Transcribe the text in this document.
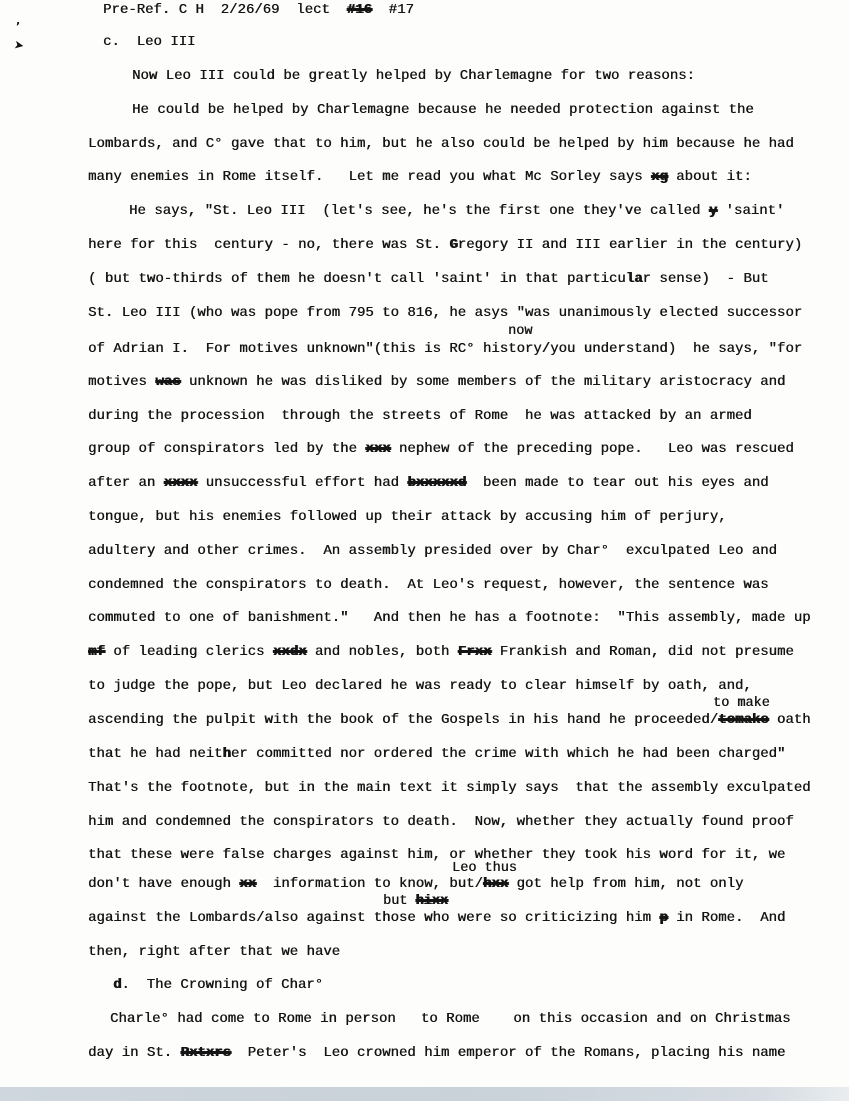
’
➤
Pre-Ref. C H  2/26/69  lect  #16  #17
c.  Leo III
Now Leo III could be greatly helped by Charlemagne for two reasons:
He could be helped by Charlemagne because he needed protection against the
Lombards, and C° gave that to him, but he also could be helped by him because he had
many enemies in Rome itself.   Let me read you what Mc Sorley says xg about it:
He says, "St. Leo III  (let's see, he's the first one they've called y 'saint'
here for this  century - no, there was St. Gregory II and III earlier in the century)
( but two-thirds of them he doesn't call 'saint' in that particular sense)  - But
St. Leo III (who was pope from 795 to 816, he asys "was unanimously elected successor
now
of Adrian I.  For motives unknown"(this is RC° history/you understand)  he says, "for
motives was unknown he was disliked by some members of the military aristocracy and
during the procession  through the streets of Rome  he was attacked by an armed
group of conspirators led by the xxx nephew of the preceding pope.   Leo was rescued
after an xxxx unsuccessful effort had bxxxxxd  been made to tear out his eyes and
tongue, but his enemies followed up their attack by accusing him of perjury,
adultery and other crimes.  An assembly presided over by Char°  exculpated Leo and
condemned the conspirators to death.  At Leo's request, however, the sentence was
commuted to one of banishment."   And then he has a footnote:  "This assembly, made up
mf of leading clerics xxdx and nobles, both Frxx Frankish and Roman, did not presume
to judge the pope, but Leo declared he was ready to clear himself by oath, and,
to make
ascending the pulpit with the book of the Gospels in his hand he proceeded/tomake oath
that he had neither committed nor ordered the crime with which he had been charged"
That's the footnote, but in the main text it simply says  that the assembly exculpated
him and condemned the conspirators to death.  Now, whether they actually found proof
that these were false charges against him, or whether they took his word for it, we
Leo thus
don't have enough xx  information to know, but/hxx got help from him, not only
but hixx
against the Lombards/also against those who were so criticizing him p in Rome.  And
then, right after that we have
d.  The Crowning of Char°
Charle° had come to Rome in person   to Rome    on this occasion and on Christmas
day in St. Rxtxrs  Peter's  Leo crowned him emperor of the Romans, placing his name
